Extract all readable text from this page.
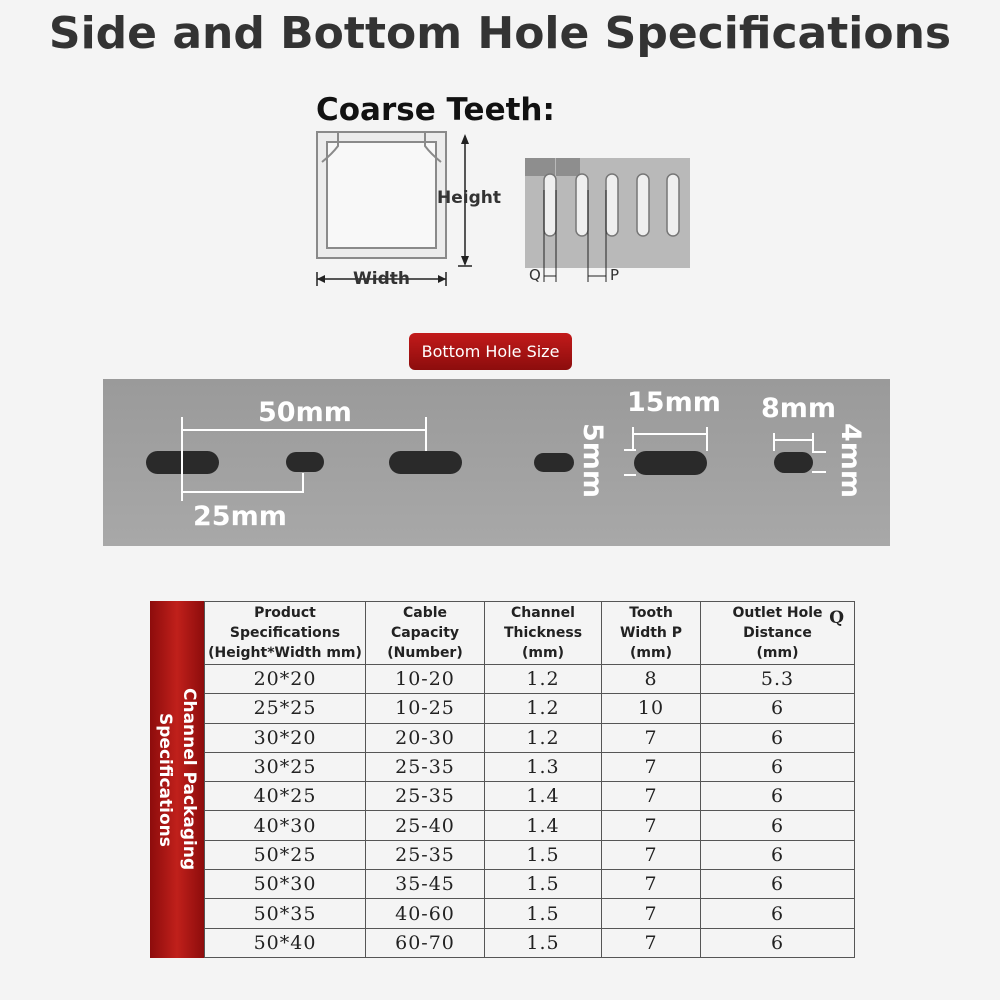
Side and Bottom Hole Specifications
Coarse Teeth:
Height
Width	Q	P
Bottom Hole Size
50mm
25mm
5mm
15mm 8mm
4mm
Channel Packaging
Specifications
Product
Specifications
(Height*Width mm)	Cable
Capacity
(Number)	Channel
Thickness
(mm)	Tooth
Width P
(mm)	Outlet Hole
Distance
(mm)
Q

20*20	10-20	1.2	8	5.3
25*25	10-25	1.2	10	6
30*20	20-30	1.2	7	6
30*25	25-35	1.3	7	6
40*25	25-35	1.4	7	6
40*30	25-40	1.4	7	6
50*25	25-35	1.5	7	6
50*30	35-45	1.5	7	6
50*35	40-60	1.5	7	6
50*40	60-70	1.5	7	6
